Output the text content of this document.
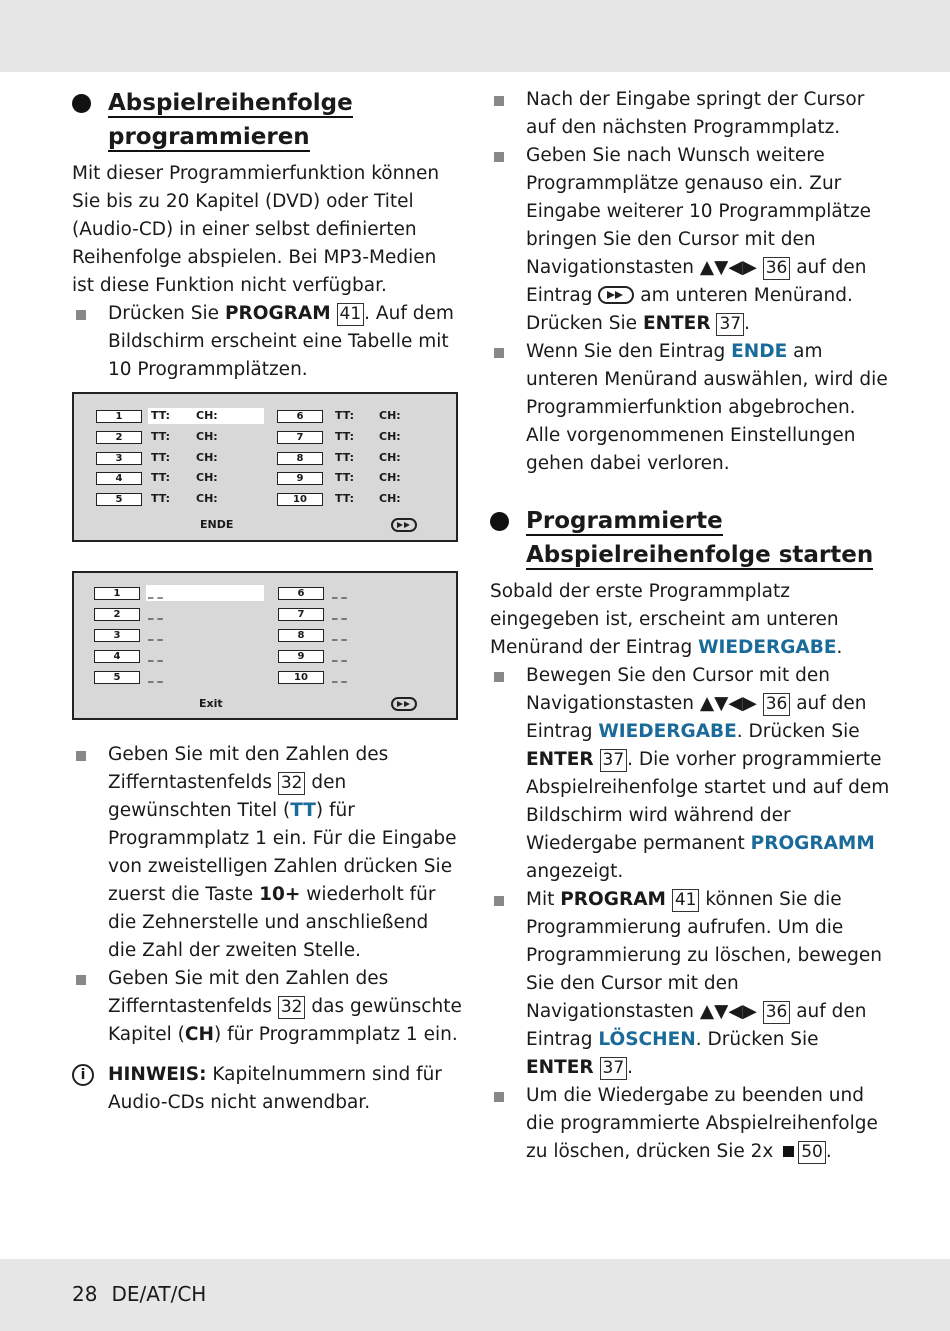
Abspielreihenfolge
programmieren

Mit dieser Programmierfunktion können Sie bis zu 20 Kapitel (DVD) oder Titel (Audio-CD) in einer selbst definierten Reihenfolge abspielen. Bei MP3-Medien ist diese Funktion nicht verfügbar.

Drücken Sie PROGRAM 41 . Auf dem Bildschirm erscheint eine Tabelle mit 10 Programmplätzen.

1
2
3
4
5
TT:
TT:
TT:
TT:
TT:
CH:
CH:
CH:
CH:
CH:
6
7
8
9
10
TT:
TT:
TT:
TT:
TT:
CH:
CH:
CH:
CH:
CH:
ENDE
1
2
3
4
5
_ _
_ _
_ _
_ _
_ _
6
7
8
9
10
_ _
_ _
_ _
_ _
_ _
Exit

Geben Sie mit den Zahlen des Zifferntastenfelds 32 den gewünschten Titel (TT) für Programmplatz 1 ein. Für die Eingabe von zweistelligen Zahlen drücken Sie zuerst die Taste 10+ wiederholt für die Zehnerstelle und anschließend die Zahl der zweiten Stelle.

Geben Sie mit den Zahlen des Zifferntastenfelds 32 das gewünschte Kapitel (CH) für Programmplatz 1 ein.

i	HINWEIS: Kapitelnummern sind für Audio-CDs nicht anwendbar.

Nach der Eingabe springt der Cursor auf den nächsten Programmplatz.

Geben Sie nach Wunsch weitere Programmplätze genauso ein. Zur Eingabe weiterer 10 Programmplätze bringen Sie den Cursor mit den Navigationstasten ▲▼◀▶ 36 auf den Eintrag
am unteren Menürand. Drücken Sie ENTER 37 .

Wenn Sie den Eintrag ENDE am unteren Menürand auswählen, wird die Programmierfunktion abgebrochen. Alle vorgenommenen Einstellungen gehen dabei verloren.

Programmierte
Abspielreihenfolge starten

Sobald der erste Programmplatz eingegeben ist, erscheint am unteren Menürand der Eintrag WIEDERGABE.

Bewegen Sie den Cursor mit den Navigationstasten ▲▼◀▶ 36 auf den Eintrag WIEDERGABE. Drücken Sie ENTER 37 . Die vorher programmierte Abspielreihenfolge startet und auf dem Bildschirm wird während der Wiedergabe permanent PROGRAMM angezeigt.

Mit PROGRAM 41 können Sie die Programmierung aufrufen. Um die Programmierung zu löschen, bewegen Sie den Cursor mit den Navigationstasten ▲▼◀▶ 36 auf den Eintrag LÖSCHEN. Drücken Sie ENTER 37 .

Um die Wiedergabe zu beenden und die programmierte Abspielreihenfolge zu löschen, drücken Sie 2x 50 .

28 DE/AT/CH
